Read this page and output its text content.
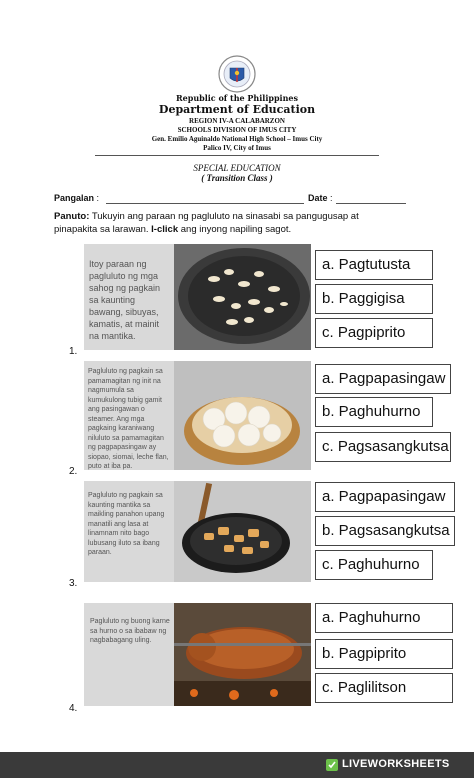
Republic of the Philippines
Department of Education
REGION IV-A CALABARZON
SCHOOLS DIVISION OF IMUS CITY
Gen. Emilio Aguinaldo National High School – Imus City
Palico IV, City of Imus
SPECIAL EDUCATION
( Transition Class )
Pangalan :	Date :
Panuto: Tukuyin ang paraan ng pagluluto na sinasabi sa pangugusap at pinapakita sa larawan. I-click ang inyong napiling sagot.
1.
Itoy paraan ng pagluluto ng mga sahog ng pagkain sa kaunting bawang, sibuyas, kamatis, at mainit na mantika.
a. Pagtutusta
b. Paggigisa
c. Pagpiprito
2.
Pagluluto ng pagkain sa pamamagitan ng init na nagmumula sa kumukulong tubig gamit ang pasingawan o steamer. Ang mga pagkaing karaniwang niluluto sa pamamagitan ng pagpapasingaw ay siopao, siomai, leche flan, puto at iba pa.
a. Pagpapasingaw
b. Paghuhurno
c. Pagsasangkutsa
3.
Pagluluto ng pagkain sa kaunting mantika sa maikling panahon upang manatili ang lasa at linamnam nito bago lubusang iluto sa ibang paraan.
a. Pagpapasingaw
b. Pagsasangkutsa
c. Paghuhurno
4.
Pagluluto ng buong karne sa hurno o sa ibabaw ng nagbabagang uling.
a. Paghuhurno
b. Pagpiprito
c. Paglilitson
LIVEWORKSHEETS
